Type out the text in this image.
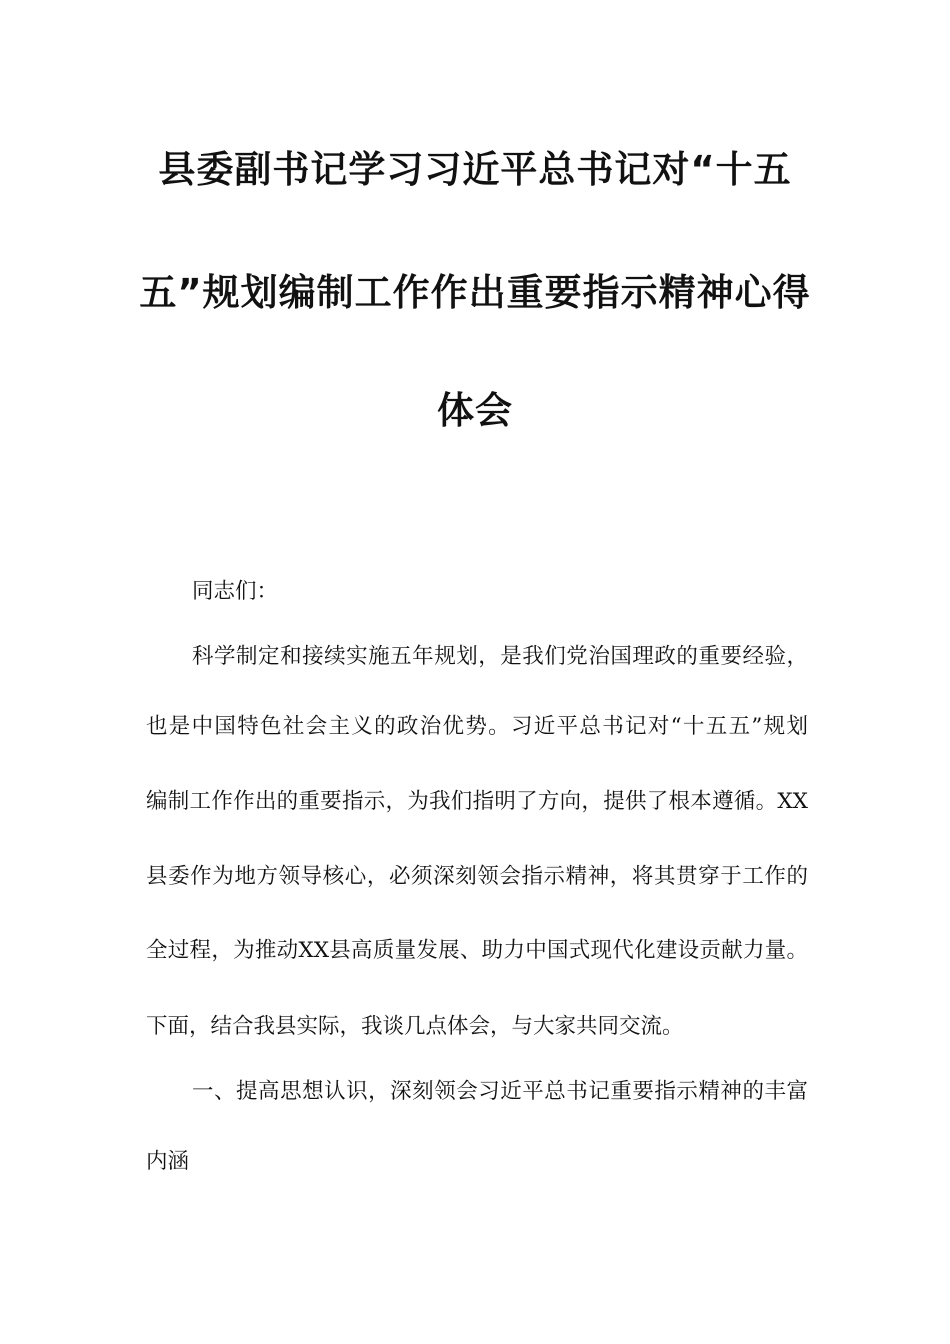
县委副书记学习习近平总书记对“十五
五”规划编制工作作出重要指示精神心得
体会
同志们：
科学制定和接续实施五年规划，是我们党治国理政的重要经验，
也是中国特色社会主义的政治优势。习近平总书记对“十五五”规划
编制工作作出的重要指示，为我们指明了方向，提供了根本遵循。XX
县委作为地方领导核心，必须深刻领会指示精神，将其贯穿于工作的
全过程，为推动XX县高质量发展、助力中国式现代化建设贡献力量。
下面，结合我县实际，我谈几点体会，与大家共同交流。
一、提高思想认识，深刻领会习近平总书记重要指示精神的丰富
内涵
